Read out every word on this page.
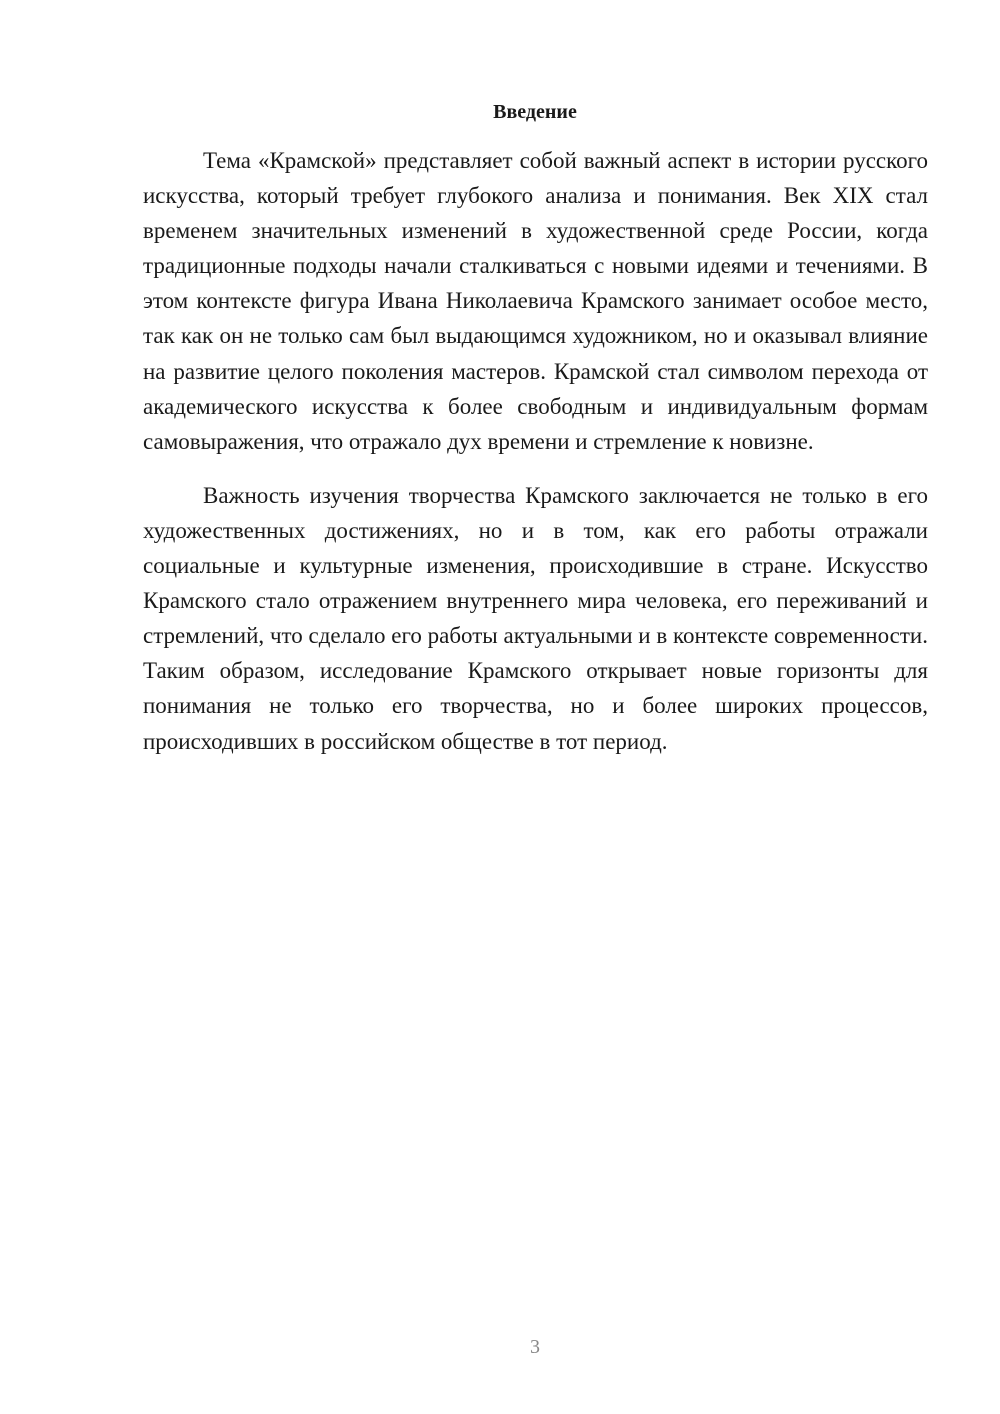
Введение

Тема «Крамской» представляет собой важный аспект в истории русского искусства, который требует глубокого анализа и понимания. Век XIX стал временем значительных изменений в художественной среде России, когда традиционные подходы начали сталкиваться с новыми идеями и течениями. В этом контексте фигура Ивана Николаевича Крамского занимает особое место, так как он не только сам был выдающимся художником, но и оказывал влияние на развитие целого поколения мастеров. Крамской стал символом перехода от академического искусства к более свободным и индивидуальным формам самовыражения, что отражало дух времени и стремление к новизне.

Важность изучения творчества Крамского заключается не только в его художественных достижениях, но и в том, как его работы отражали социальные и культурные изменения, происходившие в стране. Искусство Крамского стало отражением внутреннего мира человека, его переживаний и стремлений, что сделало его работы актуальными и в контексте современности. Таким образом, исследование Крамского открывает новые горизонты для понимания не только его творчества, но и более широких процессов, происходивших в российском обществе в тот период.

3
